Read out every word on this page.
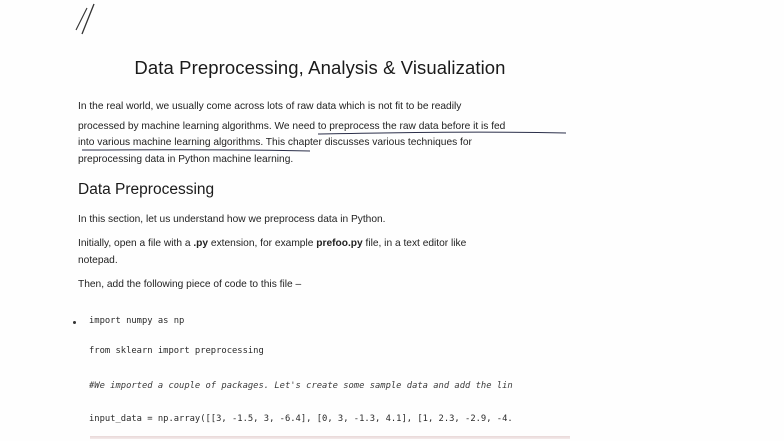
Data Preprocessing, Analysis & Visualization
In the real world, we usually come across lots of raw data which is not fit to be readily
processed by machine learning algorithms. We need to preprocess the raw data before it is fed
into various machine learning algorithms. This chapter discusses various techniques for
preprocessing data in Python machine learning.
Data Preprocessing
In this section, let us understand how we preprocess data in Python.
Initially, open a file with a .py extension, for example prefoo.py file, in a text editor like
notepad.
Then, add the following piece of code to this file –
import numpy as np
from sklearn import preprocessing
#We imported a couple of packages. Let's create some sample data and add the lin
input_data = np.array([[3, -1.5, 3, -6.4], [0, 3, -1.3, 4.1], [1, 2.3, -2.9, -4.
